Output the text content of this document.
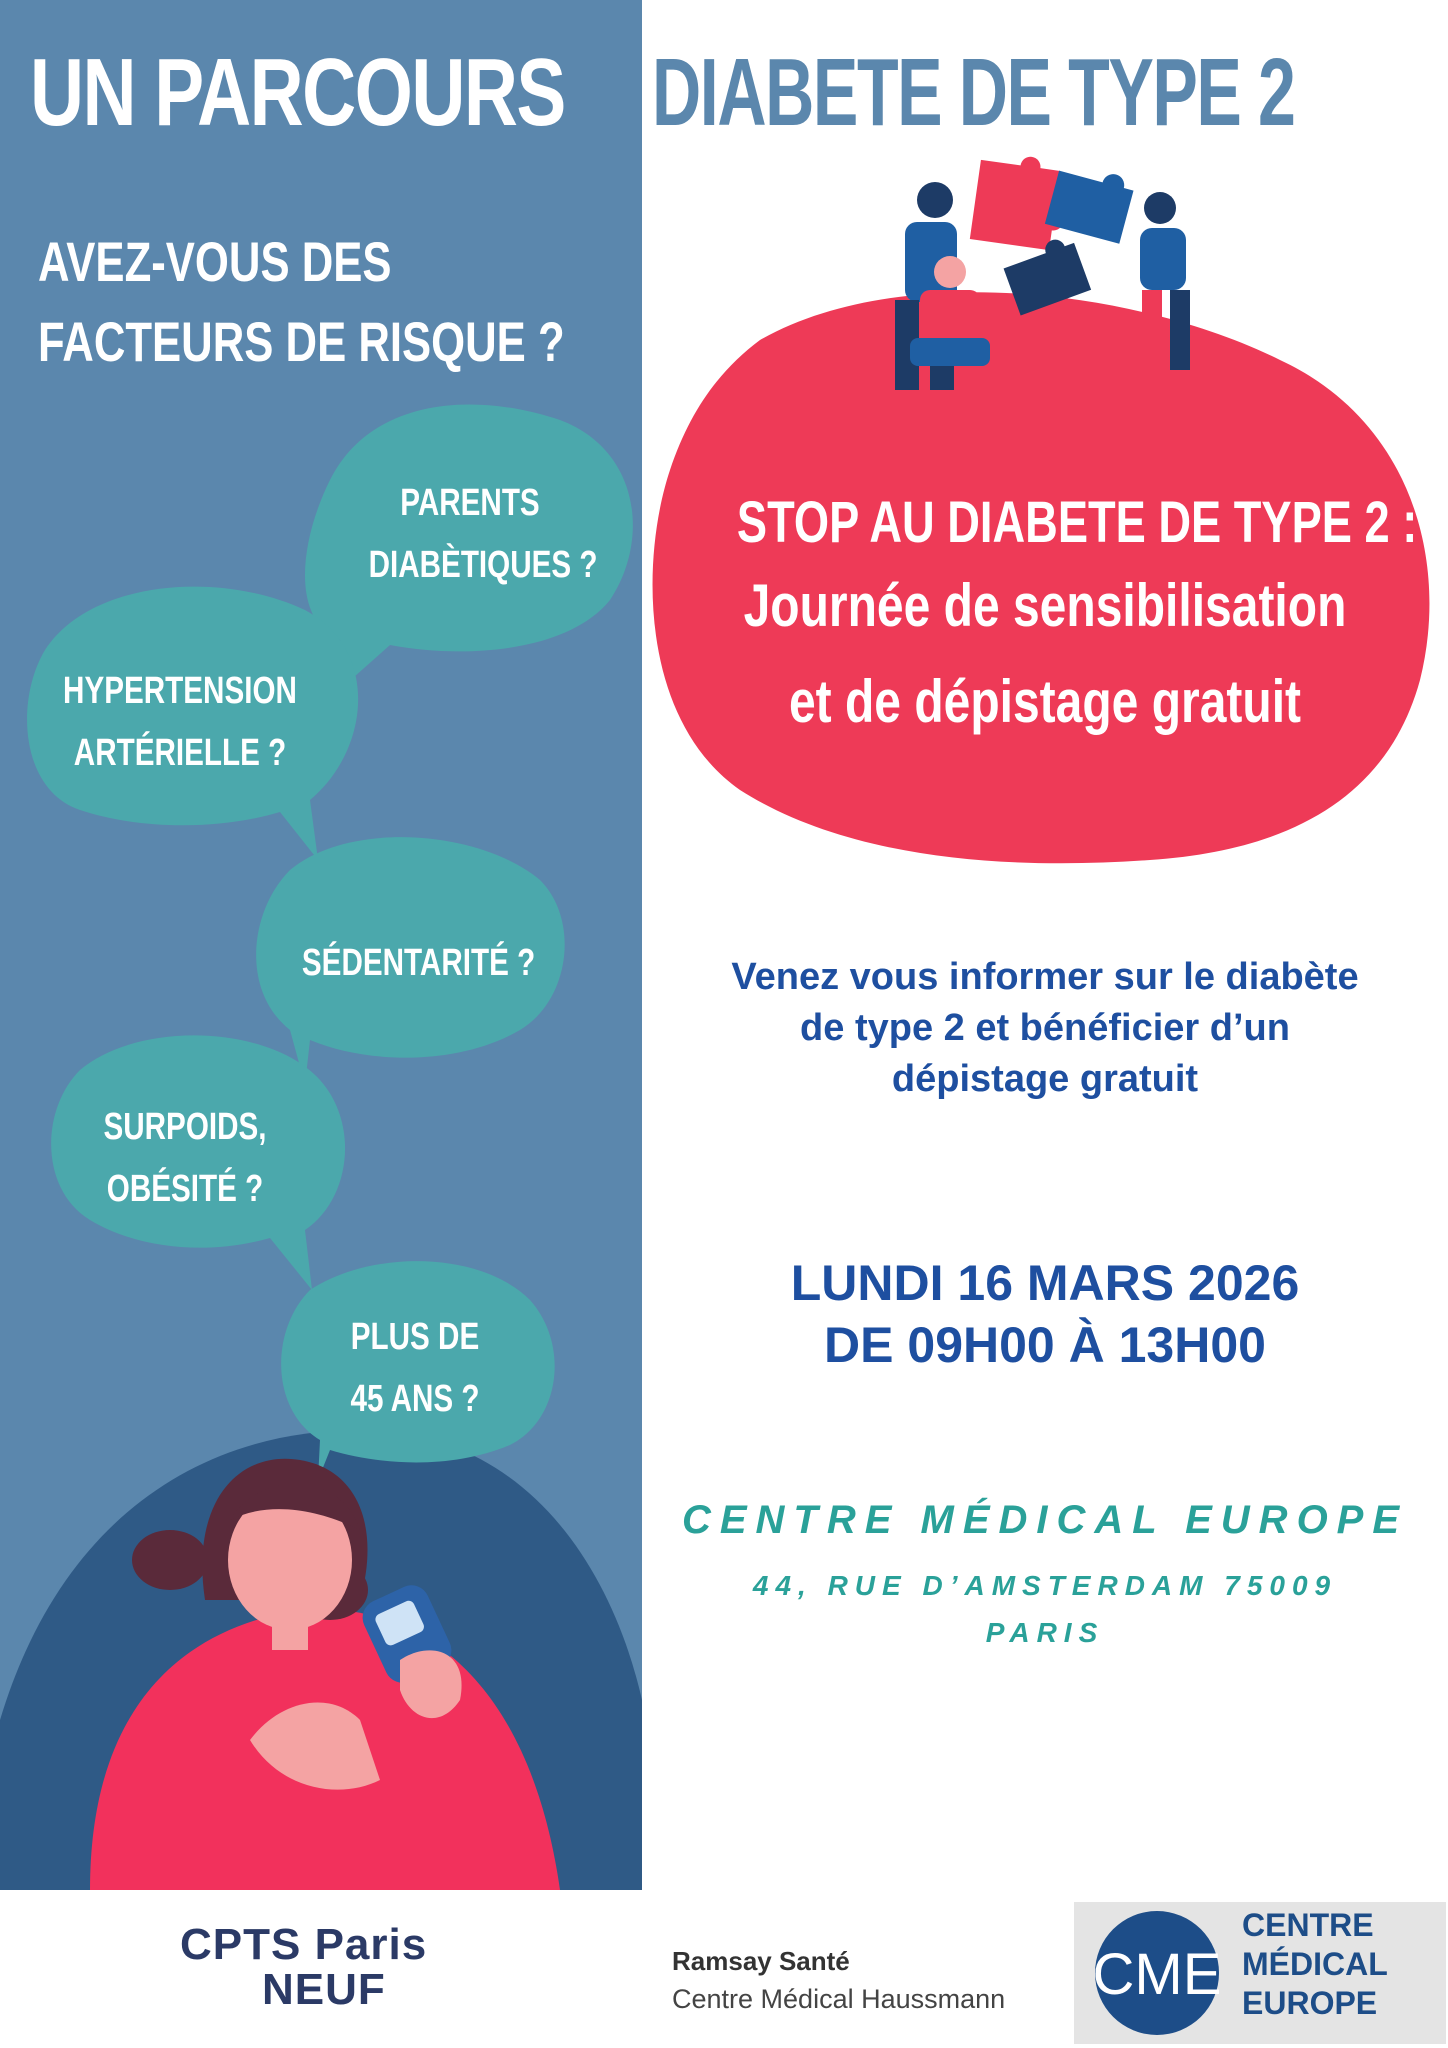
UN PARCOURS DIABETE DE TYPE 2
AVEZ-VOUS DES
FACTEURS DE RISQUE ?
PARENTS
DIABÈTIQUES ?
HYPERTENSION
ARTÉRIELLE ?
SÉDENTARITÉ ?
SURPOIDS,
OBÉSITÉ ?
PLUS DE
45 ANS ?
STOP AU DIABETE DE TYPE 2 :
Journée de sensibilisation
et de dépistage gratuit
Venez vous informer sur le diabète
de type 2 et bénéficier d’un
dépistage gratuit
LUNDI 16 MARS 2026
DE 09H00 À 13H00
CENTRE MÉDICAL EUROPE
44, RUE D’AMSTERDAM 75009
PARIS
CPTS Paris
NEUF
Ramsay Santé
Centre Médical Haussmann CME
CENTRE
MÉDICAL
EUROPE
